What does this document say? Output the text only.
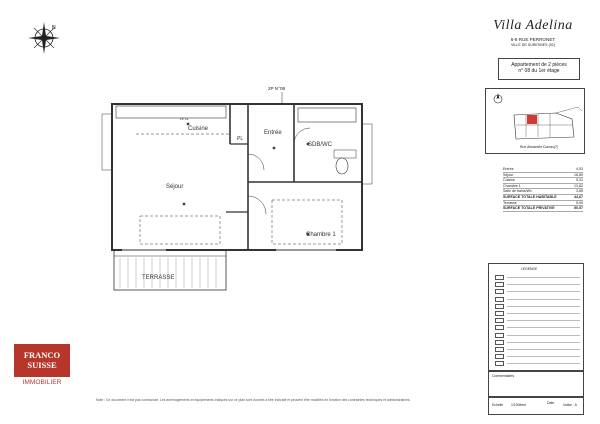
N	Villa Adelina
6-8 RUE PERRONET
VILLE DE SURESNES (92)
Appartement de 2 pièces
n° 08 du 1er étage
Rue Alexandre Dumas(?)
Entrée	4,53
Séjour	16,89
Cuisine	5,31
Chambre 1	13,82
Salle de bains/Wc	3,85
SURFACE TOTALE HABITABLE	44,67
Terrasse	5,90
SURFACE TOTALE PRIVATIVE	50,57
LEGENDE
Commentaires
Note : Ce document n'est pas contractuel. Les aménagements et équipements indiqués sur ce plan sont donnés à titre indicatif et peuvent être modifiés en fonction des contraintes techniques et administratives.
Echelle 1/100ème	Date	Indice : A
FRANCO
SUISSE
IMMOBILIER
2P N°08
LV LL
Cuisine
Entrée
PL
SDB/WC
Séjour
Chambre 1
TERRASSE
